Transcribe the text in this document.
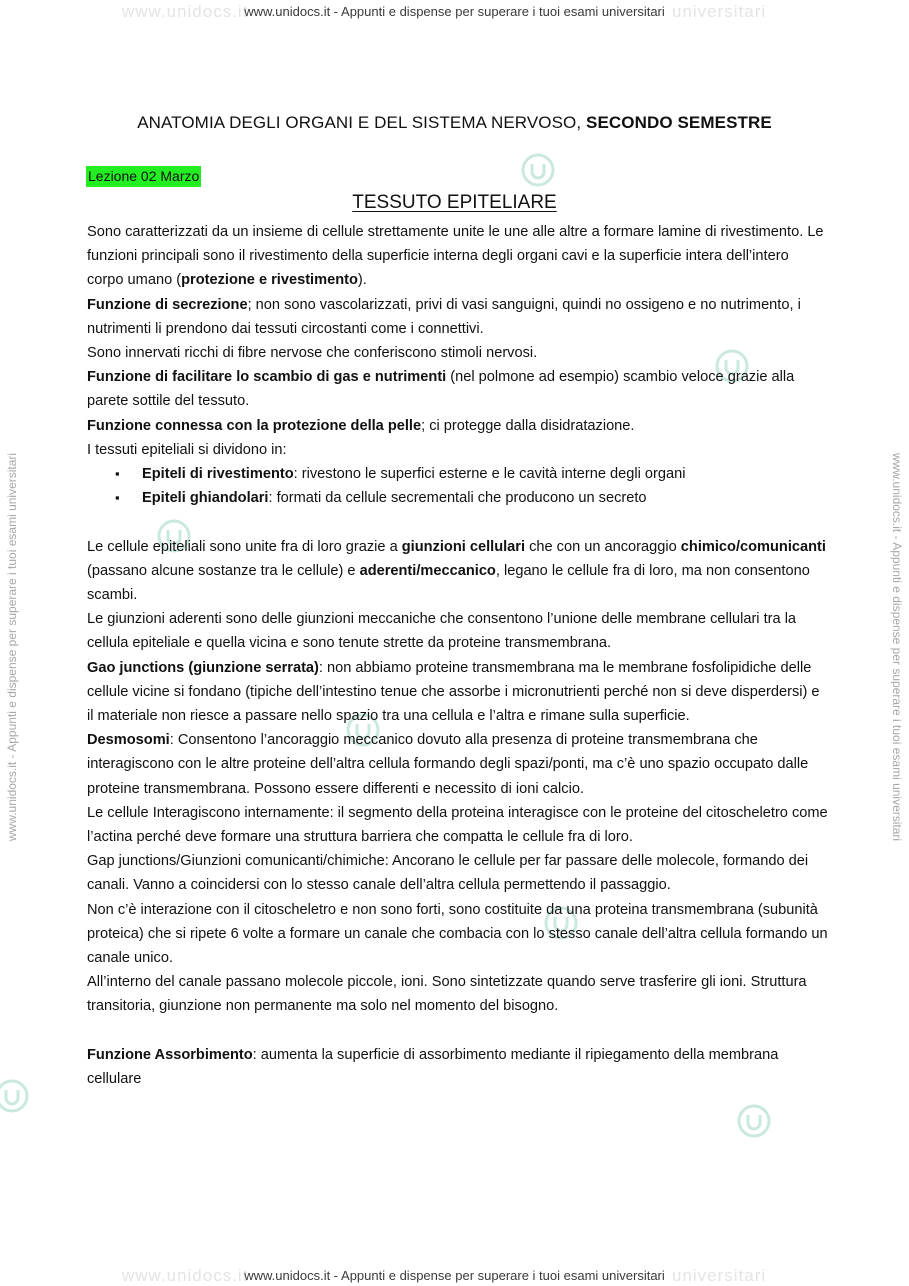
www.unidocs.it	universitari
www.unidocs.it - Appunti e dispense per superare i tuoi esami universitari
www.unidocs.it	universitari
www.unidocs.it - Appunti e dispense per superare i tuoi esami universitari
www.unidocs.it - Appunti e dispense per superare i tuoi esami universitari	www.unidocs.it - Appunti e dispense per superare i tuoi esami universitari
ANATOMIA DEGLI ORGANI E DEL SISTEMA NERVOSO, SECONDO SEMESTRE
Lezione 02 Marzo
TESSUTO EPITELIARE

Sono caratterizzati da un insieme di cellule strettamente unite le une alle altre a formare lamine di rivestimento. Le funzioni principali sono il rivestimento della superficie interna degli organi cavi e la superficie intera dell’intero corpo umano (protezione e rivestimento).

Funzione di secrezione; non sono vascolarizzati, privi di vasi sanguigni, quindi no ossigeno e no nutrimento, i nutrimenti li prendono dai tessuti circostanti come i connettivi.

Sono innervati ricchi di fibre nervose che conferiscono stimoli nervosi.

Funzione di facilitare lo scambio di gas e nutrimenti (nel polmone ad esempio) scambio veloce grazie alla parete sottile del tessuto.

Funzione connessa con la protezione della pelle; ci protegge dalla disidratazione.

I tessuti epiteliali si dividono in:

▪ Epiteli di rivestimento: rivestono le superfici esterne e le cavità interne degli organi
▪ Epiteli ghiandolari: formati da cellule secrementali che producono un secreto

Le cellule epiteliali sono unite fra di loro grazie a giunzioni cellulari che con un ancoraggio chimico/comunicanti (passano alcune sostanze tra le cellule) e aderenti/meccanico, legano le cellule fra di loro, ma non consentono scambi.

Le giunzioni aderenti sono delle giunzioni meccaniche che consentono l’unione delle membrane cellulari tra la cellula epiteliale e quella vicina e sono tenute strette da proteine transmembrana.

Gao junctions (giunzione serrata): non abbiamo proteine transmembrana ma le membrane fosfolipidiche delle cellule vicine si fondano (tipiche dell’intestino tenue che assorbe i micronutrienti perché non si deve disperdersi) e il materiale non riesce a passare nello spazio tra una cellula e l’altra e rimane sulla superficie.

Desmosomi: Consentono l’ancoraggio meccanico dovuto alla presenza di proteine transmembrana che interagiscono con le altre proteine dell’altra cellula formando degli spazi/ponti, ma c’è uno spazio occupato dalle proteine transmembrana. Possono essere differenti e necessito di ioni calcio.

Le cellule Interagiscono internamente: il segmento della proteina interagisce con le proteine del citoscheletro come l’actina perché deve formare una struttura barriera che compatta le cellule fra di loro.

Gap junctions/Giunzioni comunicanti/chimiche: Ancorano le cellule per far passare delle molecole, formando dei canali. Vanno a coincidersi con lo stesso canale dell’altra cellula permettendo il passaggio.

Non c’è interazione con il citoscheletro e non sono forti, sono costituite da una proteina transmembrana (subunità proteica) che si ripete 6 volte a formare un canale che combacia con lo stesso canale dell’altra cellula formando un canale unico.

All’interno del canale passano molecole piccole, ioni. Sono sintetizzate quando serve trasferire gli ioni. Struttura transitoria, giunzione non permanente ma solo nel momento del bisogno.

Funzione Assorbimento: aumenta la superficie di assorbimento mediante il ripiegamento della membrana cellulare
